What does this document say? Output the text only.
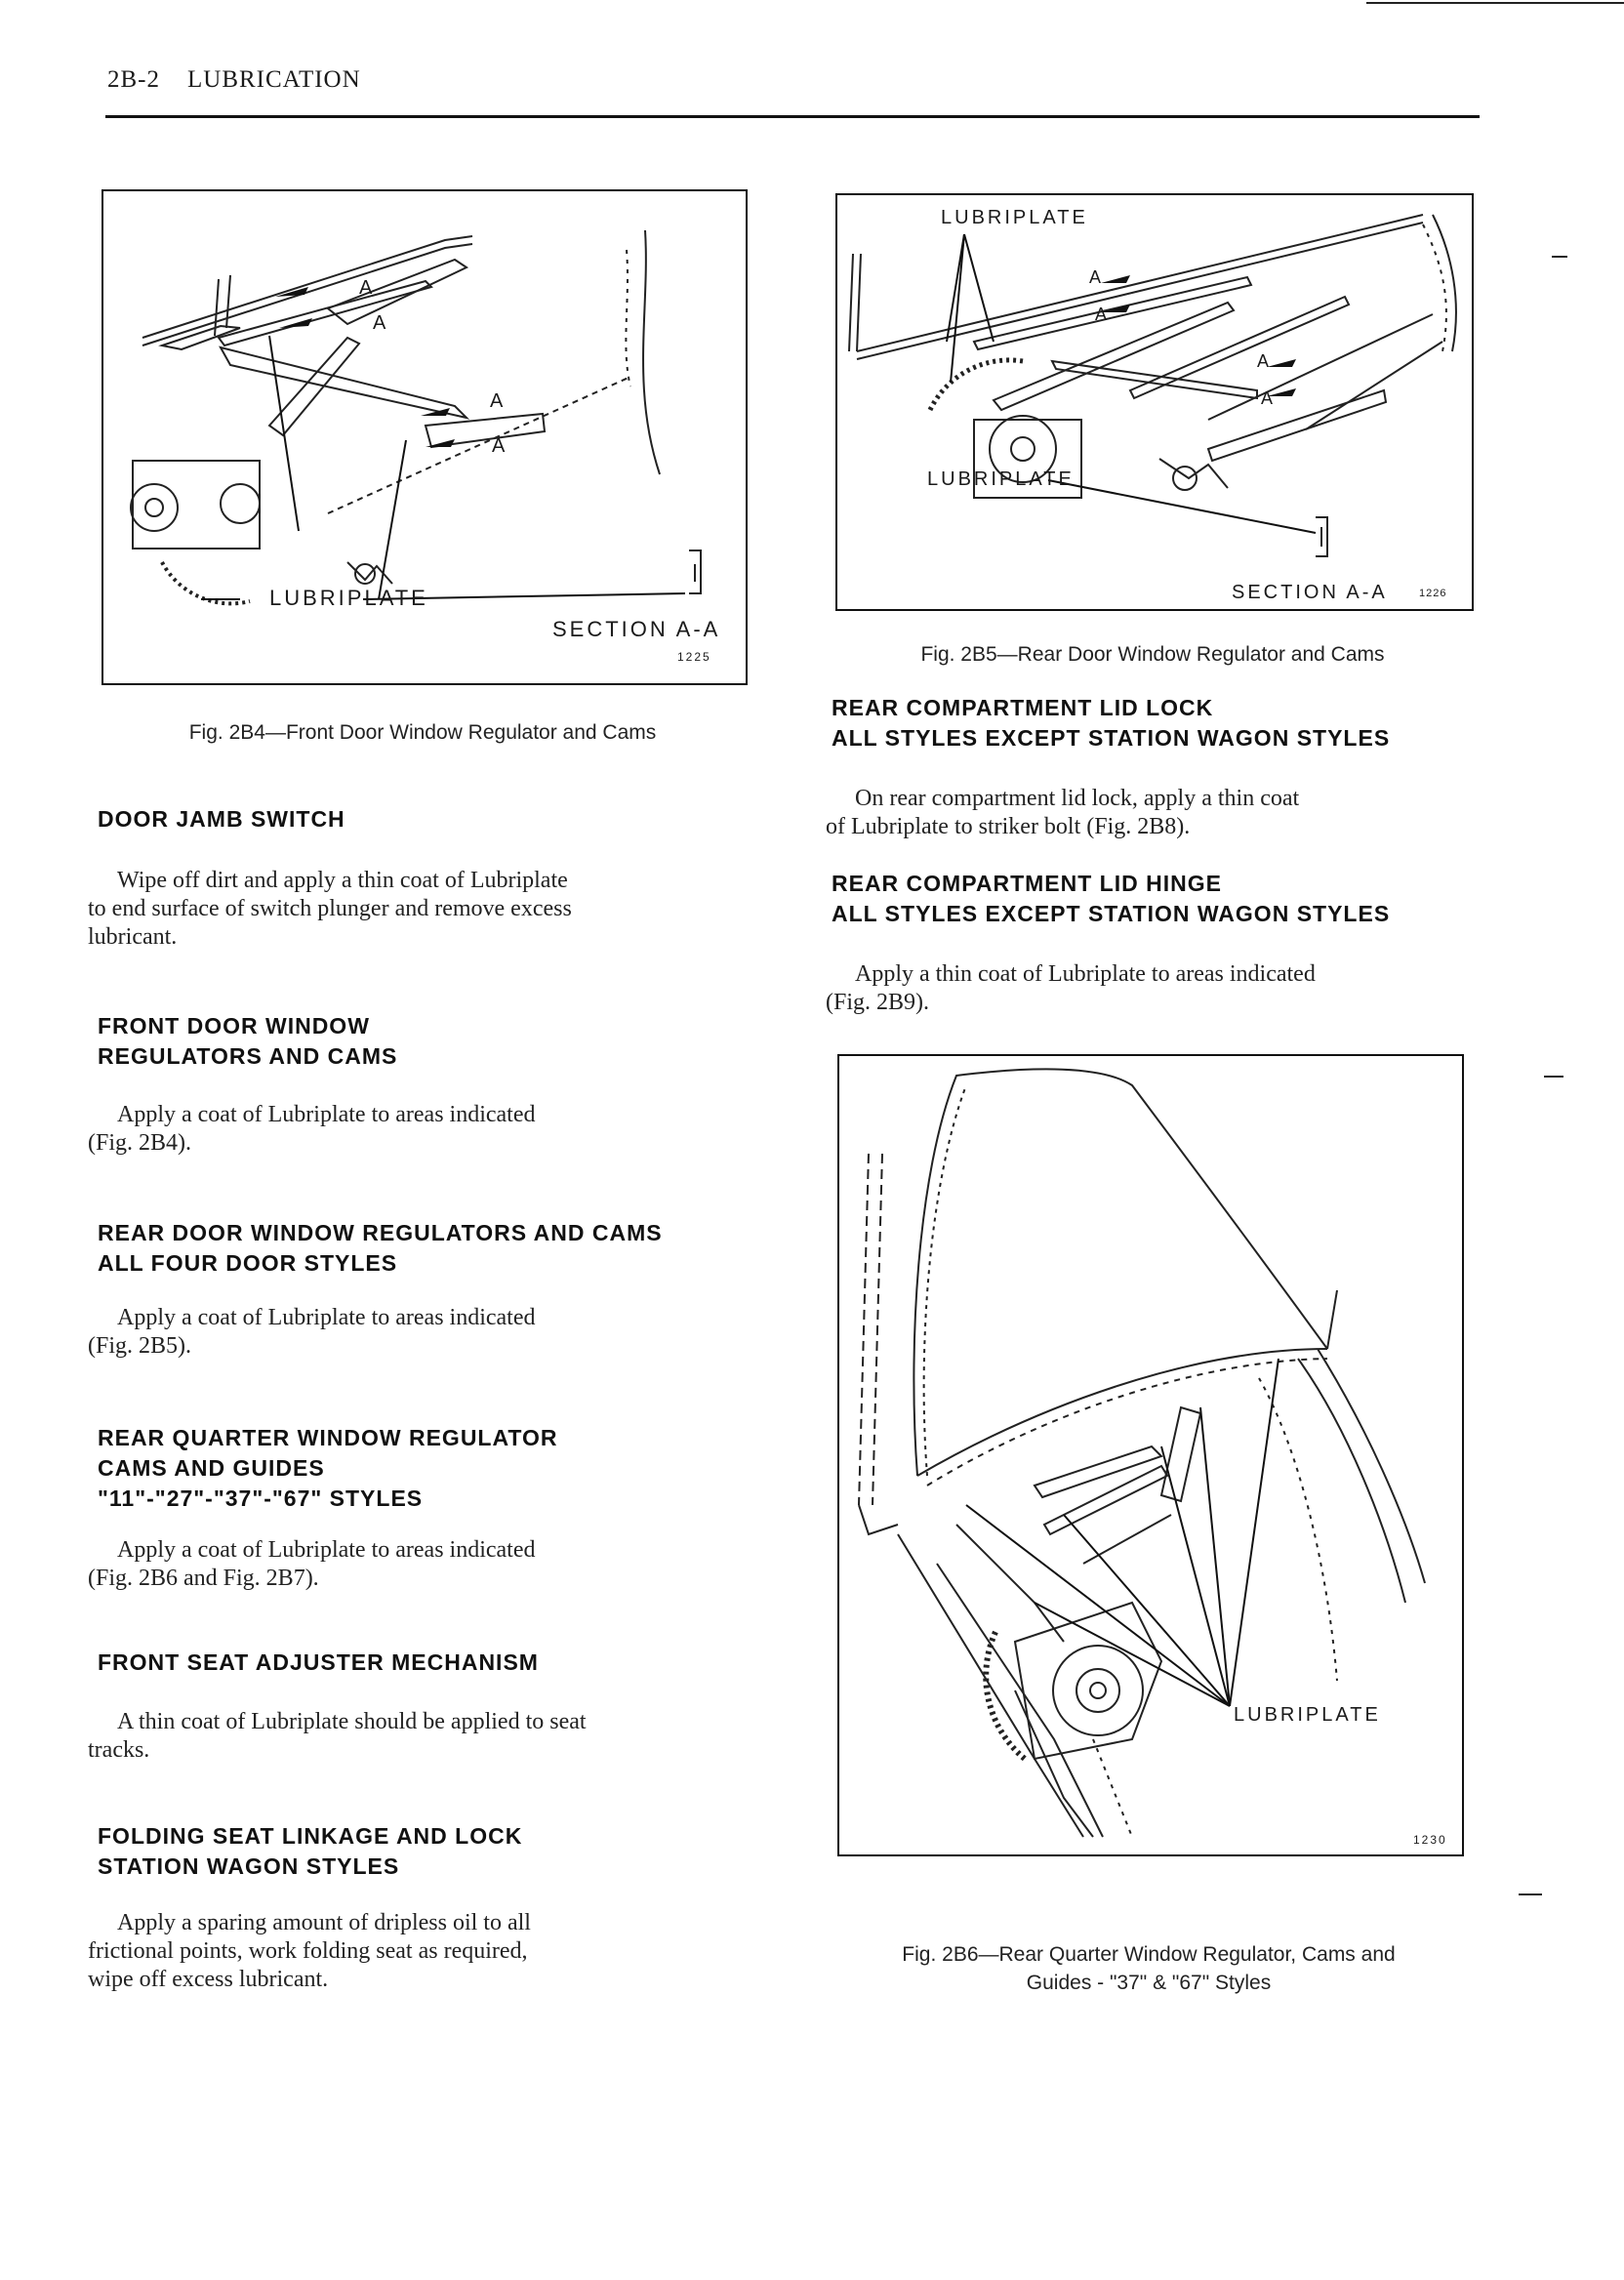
2B-2 LUBRICATION
A
A
A
A
LUBRIPLATE
SECTION A-A
1225
Fig. 2B4—Front Door Window Regulator and Cams
LUBRIPLATE
A
A
A
A
LUBRIPLATE
SECTION A-A	1226
Fig. 2B5—Rear Door Window Regulator and Cams
LUBRIPLATE
1230
Fig. 2B6—Rear Quarter Window Regulator, Cams and
Guides - "37" & "67" Styles
DOOR JAMB SWITCH
Wipe off dirt and apply a thin coat of Lubriplate
to end surface of switch plunger and remove excess
lubricant.
FRONT DOOR WINDOW
REGULATORS AND CAMS
Apply a coat of Lubriplate to areas indicated
(Fig. 2B4).
REAR DOOR WINDOW REGULATORS AND CAMS
ALL FOUR DOOR STYLES
Apply a coat of Lubriplate to areas indicated
(Fig. 2B5).
REAR QUARTER WINDOW REGULATOR
CAMS AND GUIDES
"11"-"27"-"37"-"67" STYLES
Apply a coat of Lubriplate to areas indicated
(Fig. 2B6 and Fig. 2B7).
FRONT SEAT ADJUSTER MECHANISM
A thin coat of Lubriplate should be applied to seat
tracks.
FOLDING SEAT LINKAGE AND LOCK
STATION WAGON STYLES
Apply a sparing amount of dripless oil to all
frictional points, work folding seat as required,
wipe off excess lubricant.
REAR COMPARTMENT LID LOCK
ALL STYLES EXCEPT STATION WAGON STYLES
On rear compartment lid lock, apply a thin coat
of Lubriplate to striker bolt (Fig. 2B8).
REAR COMPARTMENT LID HINGE
ALL STYLES EXCEPT STATION WAGON STYLES
Apply a thin coat of Lubriplate to areas indicated
(Fig. 2B9).
